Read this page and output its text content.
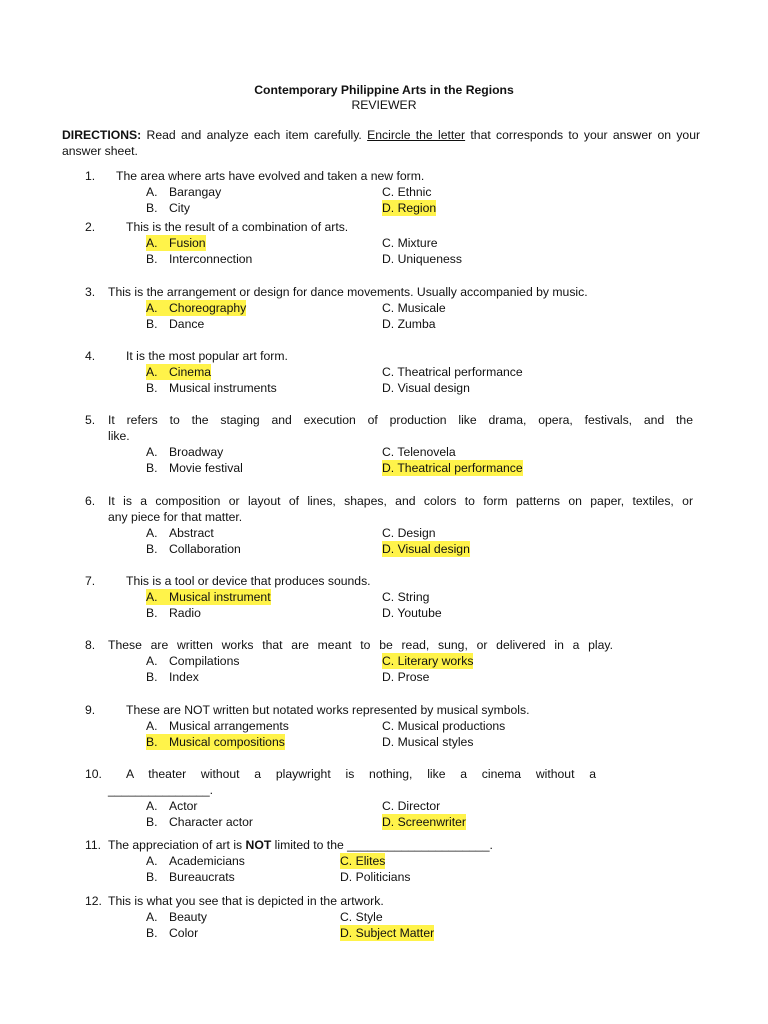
Contemporary Philippine Arts in the Regions
REVIEWER
DIRECTIONS: Read and analyze each item carefully. Encircle the letter that corresponds to your answer on your answer sheet.
1. The area where arts have evolved and taken a new form.
A. Barangay
B. City
C. Ethnic
D. Region
2.	This is the result of a combination of arts.
A. Fusion
B. Interconnection
C. Mixture
D. Uniqueness
3. This is the arrangement or design for dance movements. Usually accompanied by music.
A. Choreography
B. Dance
C. Musicale
D. Zumba
4.	It is the most popular art form.
A. Cinema
B. Musical instruments
C. Theatrical performance
D. Visual design
5. It refers to the staging and execution of production like drama, opera, festivals, and the
like.
A. Broadway
B. Movie festival
C. Telenovela
D. Theatrical performance
6. It is a composition or layout of lines, shapes, and colors to form patterns on paper, textiles, or
any piece for that matter.
A. Abstract
B. Collaboration
C. Design
D. Visual design
7.	This is a tool or device that produces sounds.
A. Musical instrument
B. Radio
C. String
D. Youtube
8. These are written works that are meant to be read, sung, or delivered in a play.
A. Compilations
B. Index
C. Literary works
D. Prose
9.	These are NOT written but notated works represented by musical symbols.
A. Musical arrangements
B. Musical compositions
C. Musical productions
D. Musical styles
10. A theater without a playwright is nothing, like a cinema without a
_______________.
A. Actor
B. Character actor
C. Director
D. Screenwriter
11. The appreciation of art is NOT limited to the _____________________.
A. Academicians
B. Bureaucrats
C. Elites
D. Politicians
12. This is what you see that is depicted in the artwork.
A. Beauty
B. Color
C. Style
D. Subject Matter
